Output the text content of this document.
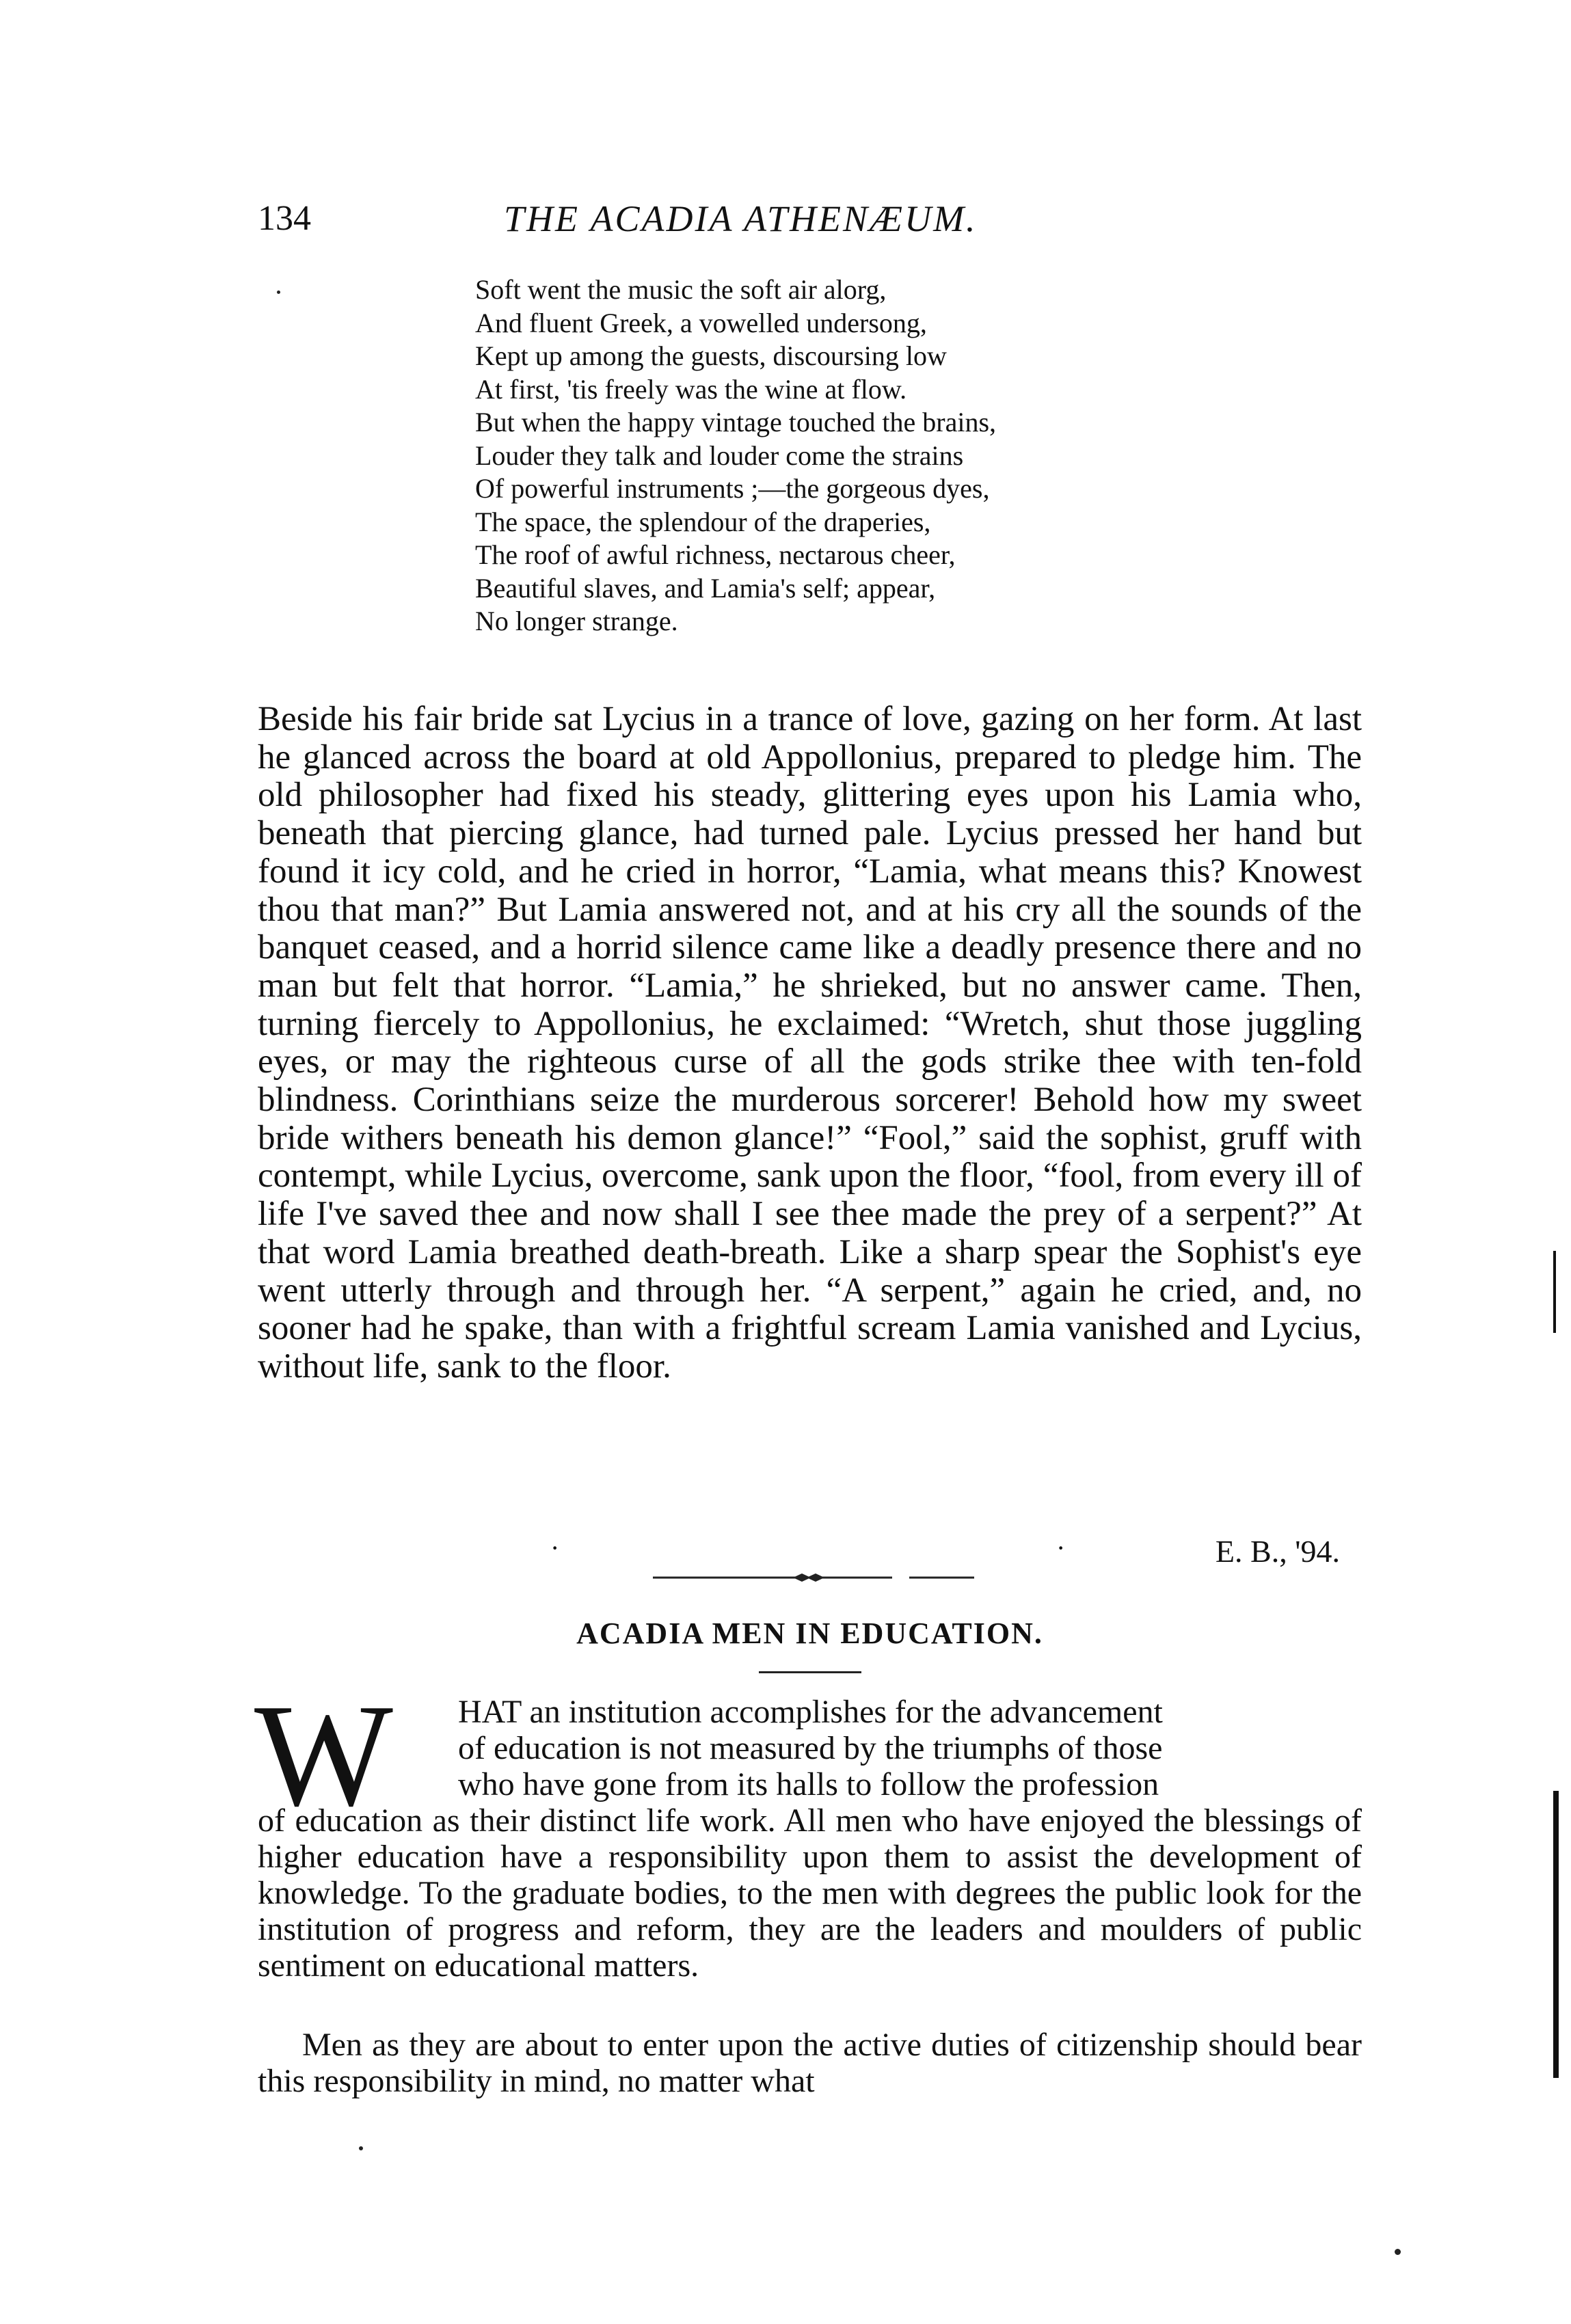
134	THE ACADIA ATHENÆUM.
Soft went the music the soft air alorg,
And fluent Greek, a vowelled undersong,
Kept up among the guests, discoursing low
At first, 'tis freely was the wine at flow.
But when the happy vintage touched the brains,
Louder they talk and louder come the strains
Of powerful instruments ;—the gorgeous dyes,
The space, the splendour of the draperies,
The roof of awful richness, nectarous cheer,
Beautiful slaves, and Lamia's self; appear,
No longer strange.

Beside his fair bride sat Lycius in a trance of love, gazing on her form. At last he glanced across the board at old Appollonius, prepared to pledge him. The old philosopher had fixed his steady, glittering eyes upon his Lamia who, beneath that piercing glance, had turned pale. Lycius pressed her hand but found it icy cold, and he cried in horror, “Lamia, what means this? Knowest thou that man?” But Lamia answered not, and at his cry all the sounds of the banquet ceased, and a horrid silence came like a deadly presence there and no man but felt that horror. “Lamia,” he shrieked, but no answer came. Then, turning fiercely to Appollonius, he exclaimed: “Wretch, shut those juggling eyes, or may the righteous curse of all the gods strike thee with ten-fold blindness. Corinthians seize the murderous sorcerer! Behold how my sweet bride withers beneath his demon glance!” “Fool,” said the sophist, gruff with contempt, while Lycius, overcome, sank upon the floor, “fool, from every ill of life I've saved thee and now shall I see thee made the prey of a serpent?” At that word Lamia breathed death-breath. Like a sharp spear the Sophist's eye went utterly through and through her. “A serpent,” again he cried, and, no sooner had he spake, than with a frightful scream Lamia vanished and Lycius, without life, sank to the floor.

·	·	E. B., '94.
ACADIA MEN IN EDUCATION.
W HAT an institution accomplishes for the advancement
of education is not measured by the triumphs of those
who have gone from its halls to follow the profession
of education as their distinct life work. All men who have enjoyed the blessings of higher education have a responsibility upon them to assist the development of knowledge. To the graduate bodies, to the men with degrees the public look for the institution of progress and reform, they are the leaders and moulders of public sentiment on educational matters.

Men as they are about to enter upon the active duties of citizenship should bear this responsibility in mind, no matter what
